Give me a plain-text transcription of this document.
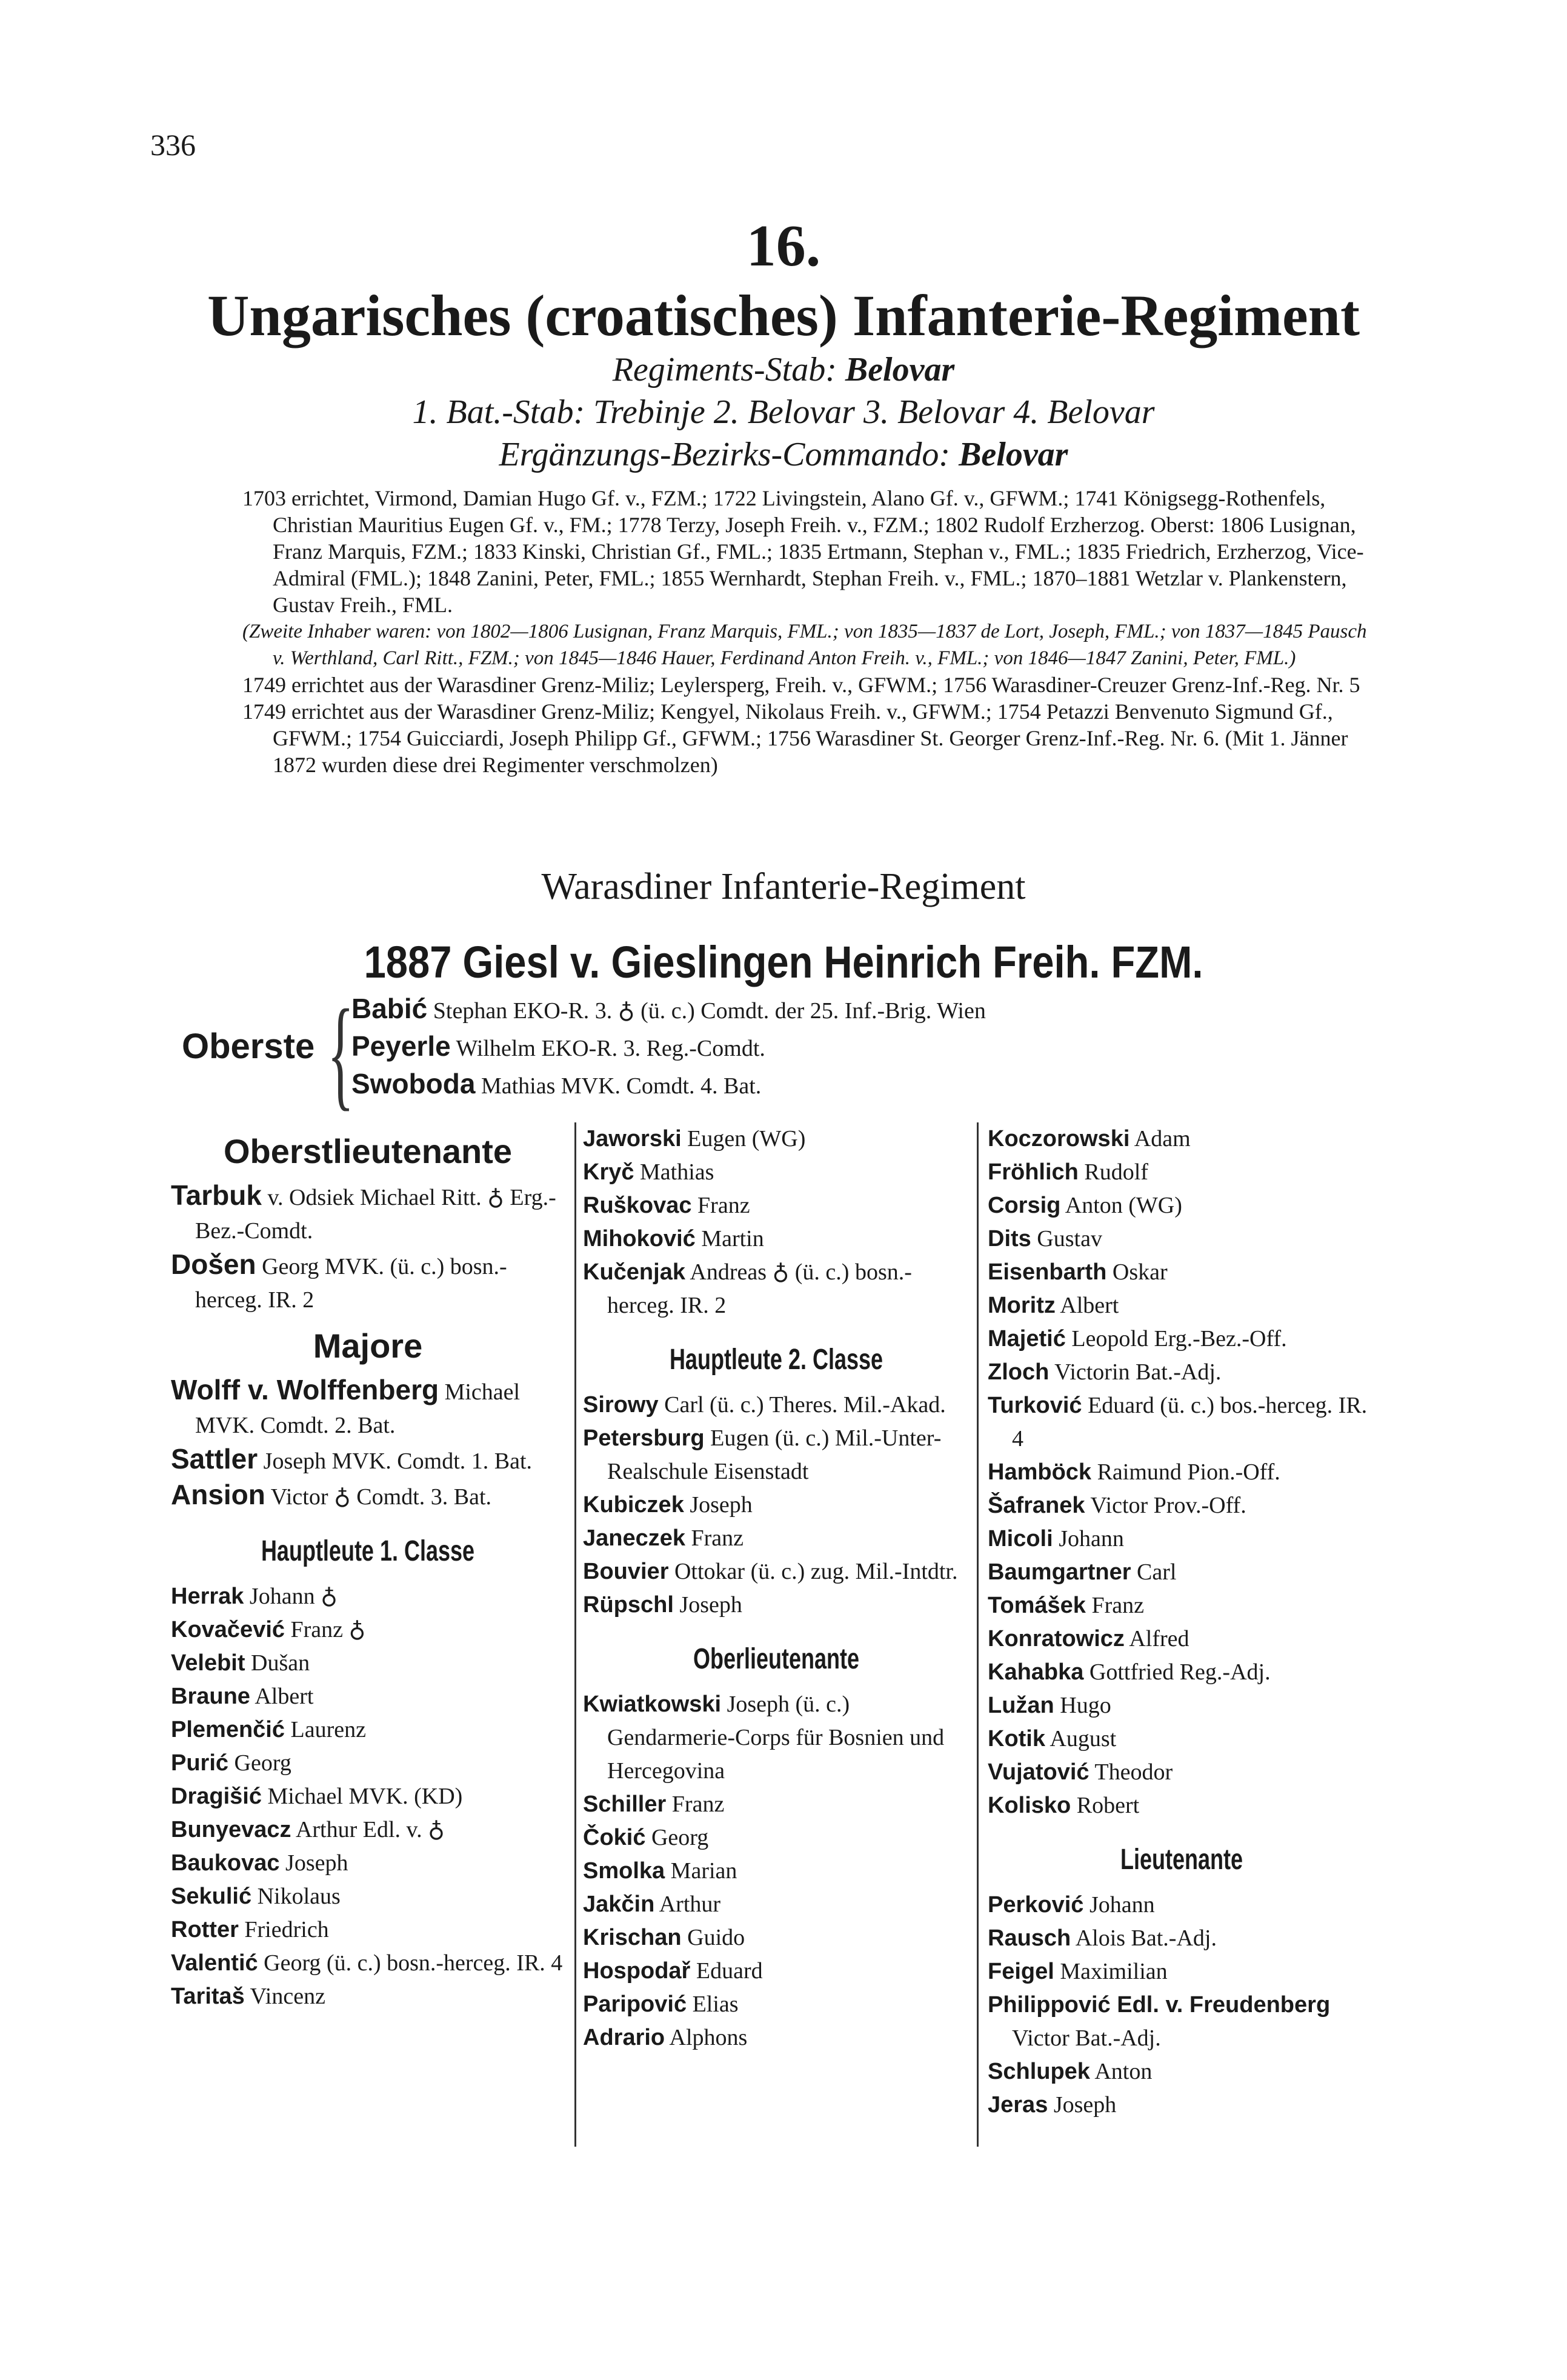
336
16.
Ungarisches (croatisches) Infanterie-Regiment
Regiments-Stab: Belovar
1. Bat.-Stab: Trebinje 2. Belovar 3. Belovar 4. Belovar
Ergänzungs-Bezirks-Commando: Belovar

1703 errichtet, Virmond, Damian Hugo Gf. v., FZM.; 1722 Livingstein, Alano Gf. v., GFWM.; 1741 Königsegg-Rothenfels, Christian Mauritius Eugen Gf. v., FM.; 1778 Terzy, Joseph Freih. v., FZM.; 1802 Rudolf Erzherzog. Oberst: 1806 Lusignan, Franz Marquis, FZM.; 1833 Kinski, Christian Gf., FML.; 1835 Ertmann, Stephan v., FML.; 1835 Friedrich, Erzherzog, Vice-Admiral (FML.); 1848 Zanini, Peter, FML.; 1855 Wernhardt, Stephan Freih. v., FML.; 1870–1881 Wetzlar v. Plankenstern, Gustav Freih., FML.

(Zweite Inhaber waren: von 1802—1806 Lusignan, Franz Marquis, FML.; von 1835—1837 de Lort, Joseph, FML.; von 1837—1845 Pausch v. Werthland, Carl Ritt., FZM.; von 1845—1846 Hauer, Ferdinand Anton Freih. v., FML.; von 1846—1847 Zanini, Peter, FML.)

1749 errichtet aus der Warasdiner Grenz-Miliz; Leylersperg, Freih. v., GFWM.; 1756 Warasdiner-Creuzer Grenz-Inf.-Reg. Nr. 5

1749 errichtet aus der Warasdiner Grenz-Miliz; Kengyel, Nikolaus Freih. v., GFWM.; 1754 Petazzi Benvenuto Sigmund Gf., GFWM.; 1754 Guicciardi, Joseph Philipp Gf., GFWM.; 1756 Warasdiner St. Georger Grenz-Inf.-Reg. Nr. 6. (Mit 1. Jänner 1872 wurden diese drei Regimenter verschmolzen)

Warasdiner Infanterie-Regiment
1887 Giesl v. Gieslingen Heinrich Freih. FZM.
Oberste {
Babić Stephan EKO-R. 3. ♁ (ü. c.) Comdt. der 25. Inf.-Brig. Wien
Peyerle Wilhelm EKO-R. 3. Reg.-Comdt.
Swoboda Mathias MVK. Comdt. 4. Bat.
Oberstlieutenante
Tarbuk v. Odsiek Michael Ritt. ♁ Erg.-Bez.-Comdt.
Došen Georg MVK. (ü. c.) bosn.-herceg. IR. 2
Majore
Wolff v. Wolffenberg Michael MVK. Comdt. 2. Bat.
Sattler Joseph MVK. Comdt. 1. Bat.
Ansion Victor ♁ Comdt. 3. Bat.
Hauptleute 1. Classe
Herrak Johann ♁
Kovačević Franz ♁
Velebit Dušan
Braune Albert
Plemenčić Laurenz
Purić Georg
Dragišić Michael MVK. (KD)
Bunyevacz Arthur Edl. v. ♁
Baukovac Joseph
Sekulić Nikolaus
Rotter Friedrich
Valentić Georg (ü. c.) bosn.-herceg. IR. 4
Taritaš Vincenz
Jaworski Eugen (WG)
Kryč Mathias
Ruškovac Franz
Mihoković Martin
Kučenjak Andreas ♁ (ü. c.) bosn.-herceg. IR. 2
Hauptleute 2. Classe
Sirowy Carl (ü. c.) Theres. Mil.-Akad.
Petersburg Eugen (ü. c.) Mil.-Unter-Realschule Eisenstadt
Kubiczek Joseph
Janeczek Franz
Bouvier Ottokar (ü. c.) zug. Mil.-Intdtr.
Rüpschl Joseph
Oberlieutenante
Kwiatkowski Joseph (ü. c.) Gendarmerie-Corps für Bosnien und Hercegovina
Schiller Franz
Čokić Georg
Smolka Marian
Jakčin Arthur
Krischan Guido
Hospodař Eduard
Paripović Elias
Adrario Alphons
Koczorowski Adam
Fröhlich Rudolf
Corsig Anton (WG)
Dits Gustav
Eisenbarth Oskar
Moritz Albert
Majetić Leopold Erg.-Bez.-Off.
Zloch Victorin Bat.-Adj.
Turković Eduard (ü. c.) bos.-herceg. IR. 4
Hamböck Raimund Pion.-Off.
Šafranek Victor Prov.-Off.
Micoli Johann
Baumgartner Carl
Tomášek Franz
Konratowicz Alfred
Kahabka Gottfried Reg.-Adj.
Lužan Hugo
Kotik August
Vujatović Theodor
Kolisko Robert
Lieutenante
Perković Johann
Rausch Alois Bat.-Adj.
Feigel Maximilian
Philippović Edl. v. Freudenberg Victor Bat.-Adj.
Schlupek Anton
Jeras Joseph
